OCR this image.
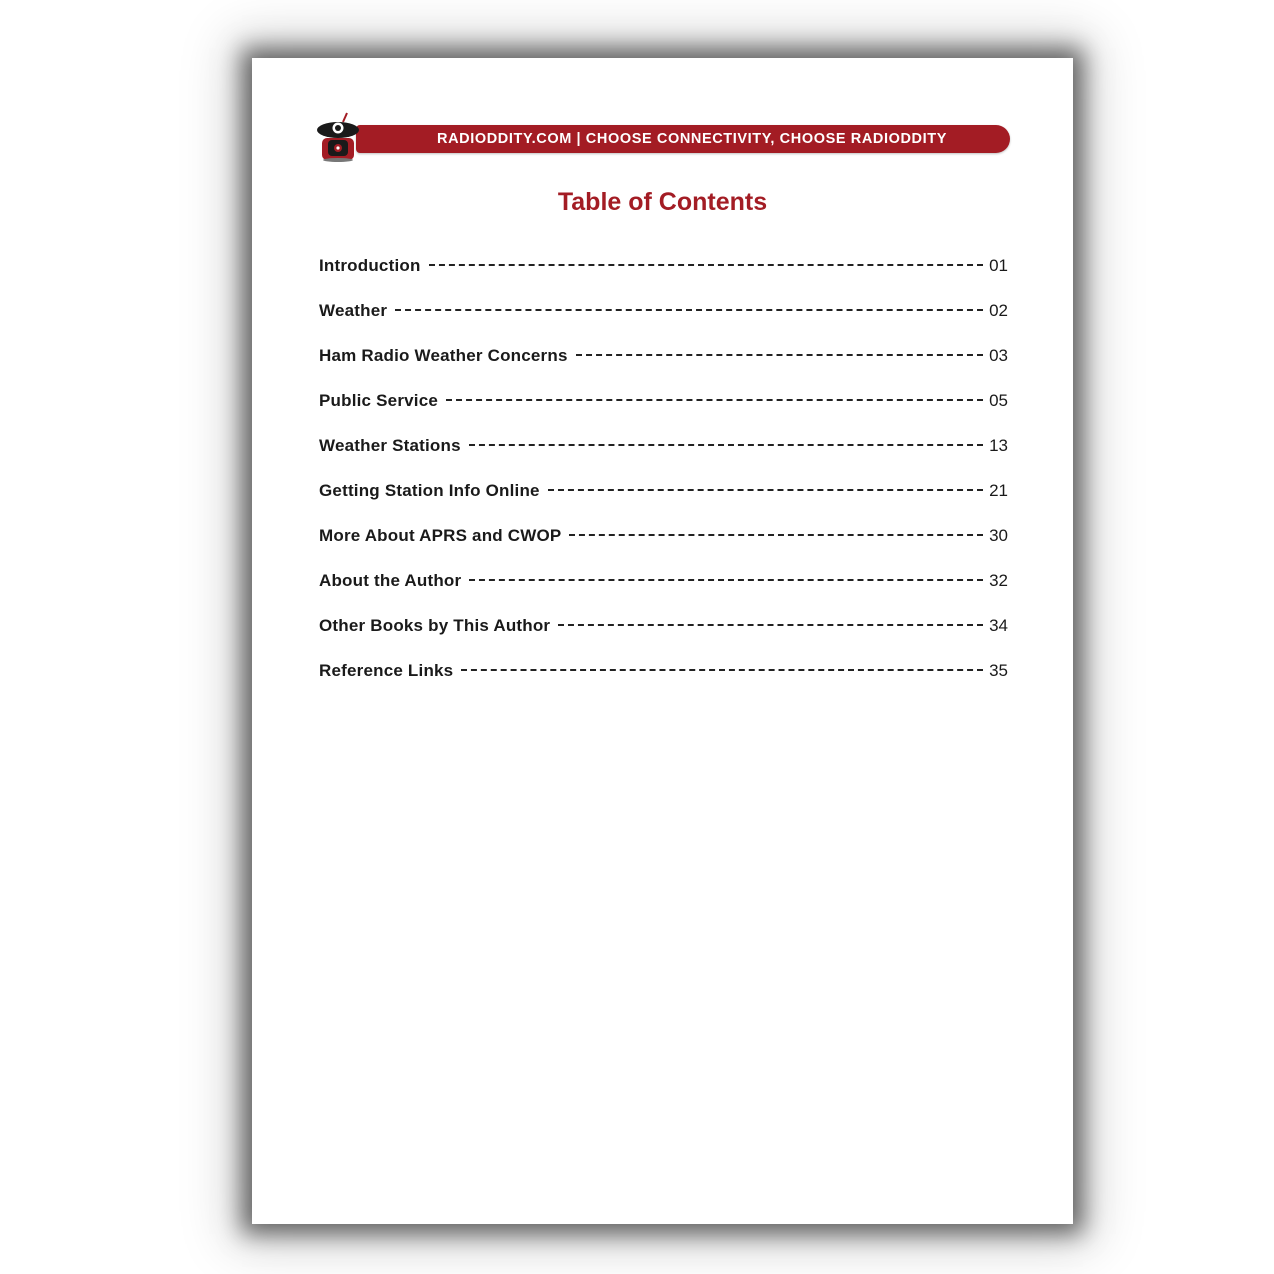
RADIODDITY.COM | CHOOSE CONNECTIVITY, CHOOSE RADIODDITY
Table of Contents
Introduction	01
Weather	02
Ham Radio Weather Concerns	03
Public Service	05
Weather Stations	13
Getting Station Info Online	21
More About APRS and CWOP	30
About the Author	32
Other Books by This Author	34
Reference Links	35
